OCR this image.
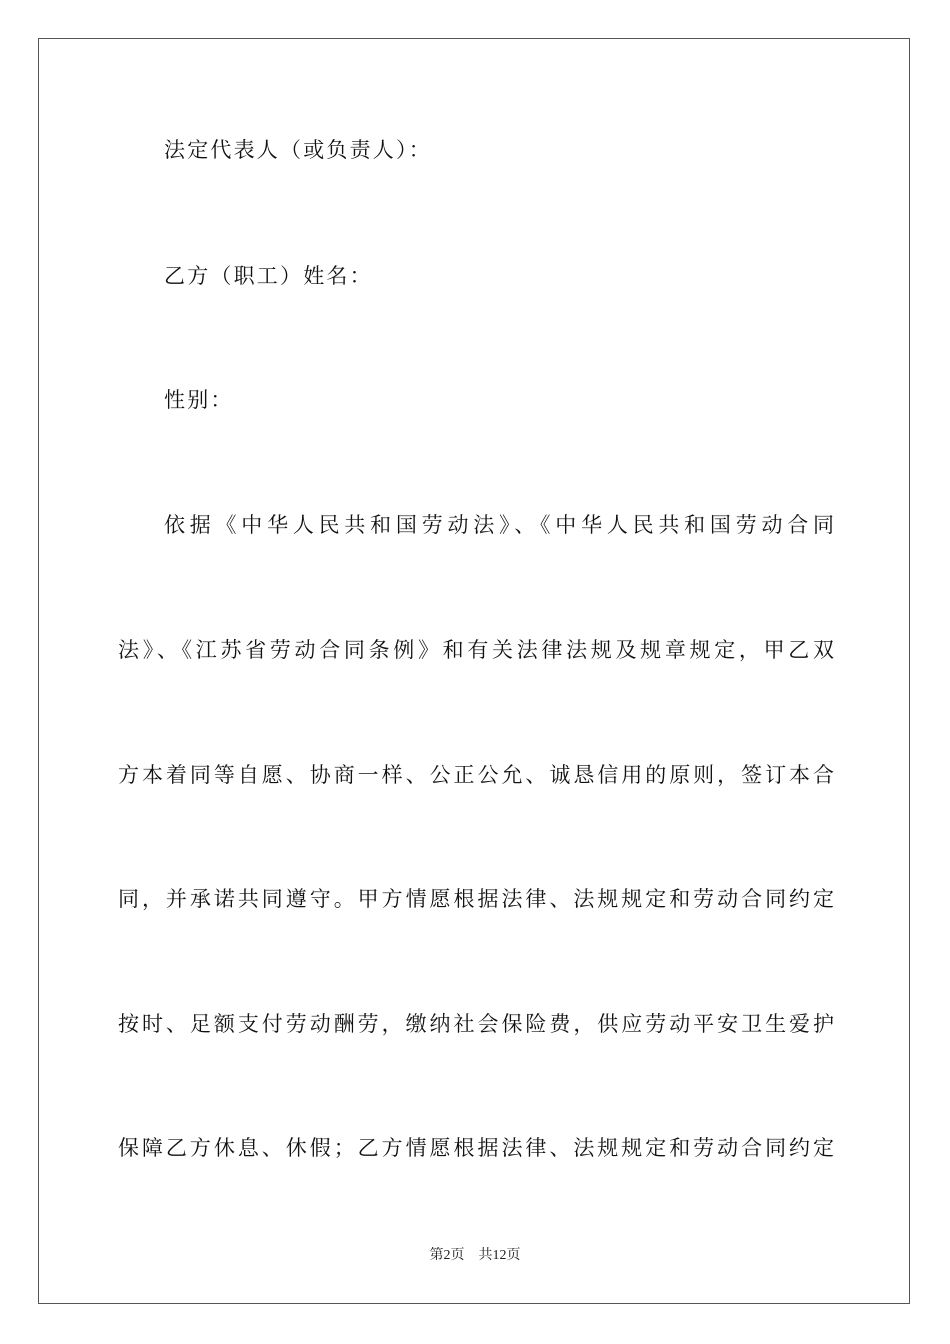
法定代表人（或负责人）：
乙方（职工）姓名：
性别：
依据《中华人民共和国劳动法》、《中华人民共和国劳动合同
法》、《江苏省劳动合同条例》和有关法律法规及规章规定，甲乙双
方本着同等自愿、协商一样、公正公允、诚恳信用的原则，签订本合
同，并承诺共同遵守。甲方情愿根据法律、法规规定和劳动合同约定
按时、足额支付劳动酬劳，缴纳社会保险费，供应劳动平安卫生爱护
保障乙方休息、休假；乙方情愿根据法律、法规规定和劳动合同约定
第2页　共12页
